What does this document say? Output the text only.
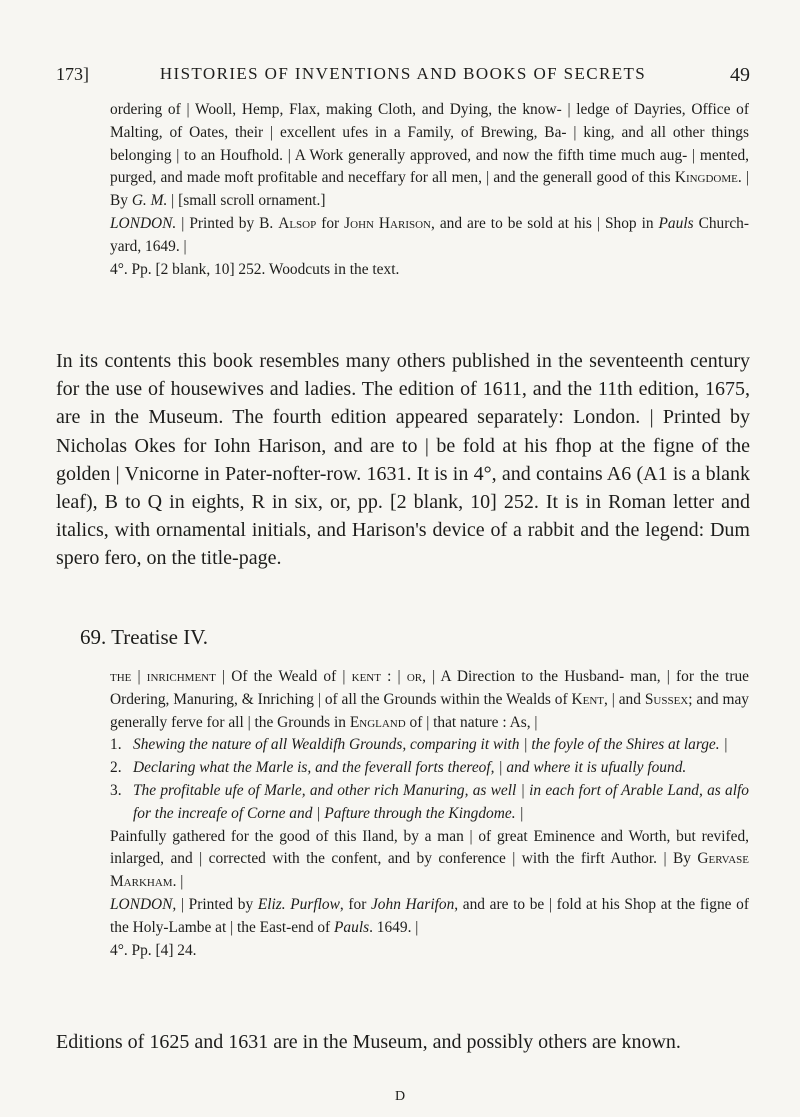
173]	HISTORIES OF INVENTIONS AND BOOKS OF SECRETS	49

ordering of | Wooll, Hemp, Flax, making Cloth, and Dying, the know- | ledge of Dayries, Office of Malting, of Oates, their | excellent ufes in a Family, of Brewing, Ba- | king, and all other things belonging | to an Houfhold. | A Work generally approved, and now the fifth time much aug- | mented, purged, and made moft profitable and neceffary for all men, | and the generall good of this Kingdome. | By G. M. | [small scroll ornament.]

LONDON. | Printed by B. Alsop for John Harison, and are to be sold at his | Shop in Pauls Church-yard, 1649. |

4°. Pp. [2 blank, 10] 252. Woodcuts in the text.

In its contents this book resembles many others published in the seventeenth century for the use of housewives and ladies. The edition of 1611, and the 11th edition, 1675, are in the Museum. The fourth edition appeared separately: London. | Printed by Nicholas Okes for Iohn Harison, and are to | be fold at his fhop at the figne of the golden | Vnicorne in Pater-nofter-row. 1631. It is in 4°, and contains A6 (A1 is a blank leaf), B to Q in eights, R in six, or, pp. [2 blank, 10] 252. It is in Roman letter and italics, with ornamental initials, and Harison's device of a rabbit and the legend: Dum spero fero, on the title-page.

69. Treatise IV.

the | inrichment | Of the Weald of | kent : | or, | A Direction to the Husband- man, | for the true Ordering, Manuring, & Inriching | of all the Grounds within the Wealds of Kent, | and Sussex; and may generally ferve for all | the Grounds in England of | that nature : As, |

1. Shewing the nature of all Wealdifh Grounds, comparing it with | the foyle of the Shires at large. |
2. Declaring what the Marle is, and the feverall forts thereof, | and where it is ufually found.
3. The profitable ufe of Marle, and other rich Manuring, as well | in each fort of Arable Land, as alfo for the increafe of Corne and | Pafture through the Kingdome. |

Painfully gathered for the good of this Iland, by a man | of great Eminence and Worth, but revifed, inlarged, and | corrected with the confent, and by conference | with the firft Author. | By Gervase Markham. |

LONDON, | Printed by Eliz. Purflow, for John Harifon, and are to be | fold at his Shop at the figne of the Holy-Lambe at | the East-end of Pauls. 1649. |

4°. Pp. [4] 24.

Editions of 1625 and 1631 are in the Museum, and possibly others are known.

D
